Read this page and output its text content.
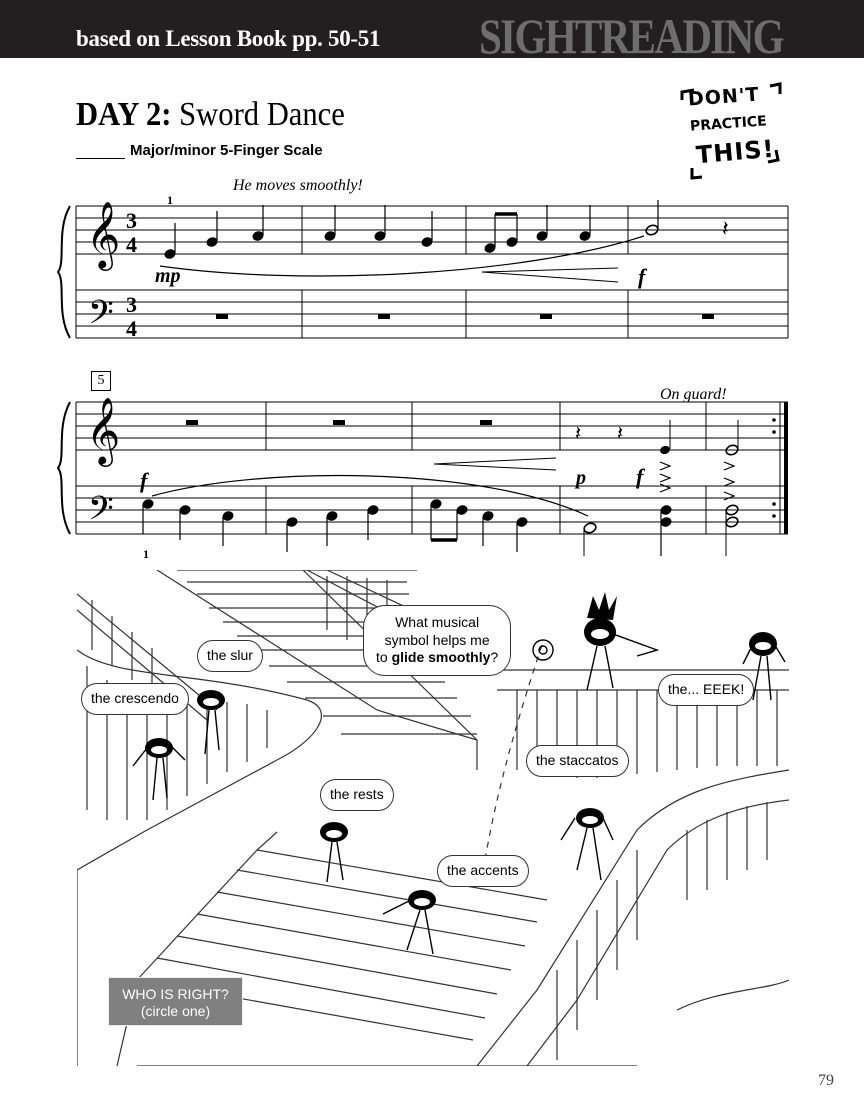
based on Lesson Book pp. 50-51 SIGHTREADING
DAY 2: Sword Dance
Major/minor 5-Finger Scale
DON'T
PRACTICE
THIS!
He moves smoothly!
On guard!
5
𝄞
𝄢
𝄞
𝄢
3
4
3
4
1
1
𝄽
mp	f
𝄽 𝄽
f	p f
What musical
symbol helps me
to glide smoothly?
the slur
the crescendo
the... EEEK!
the staccatos
the rests
the accents
WHO IS RIGHT?
(circle one)
79
